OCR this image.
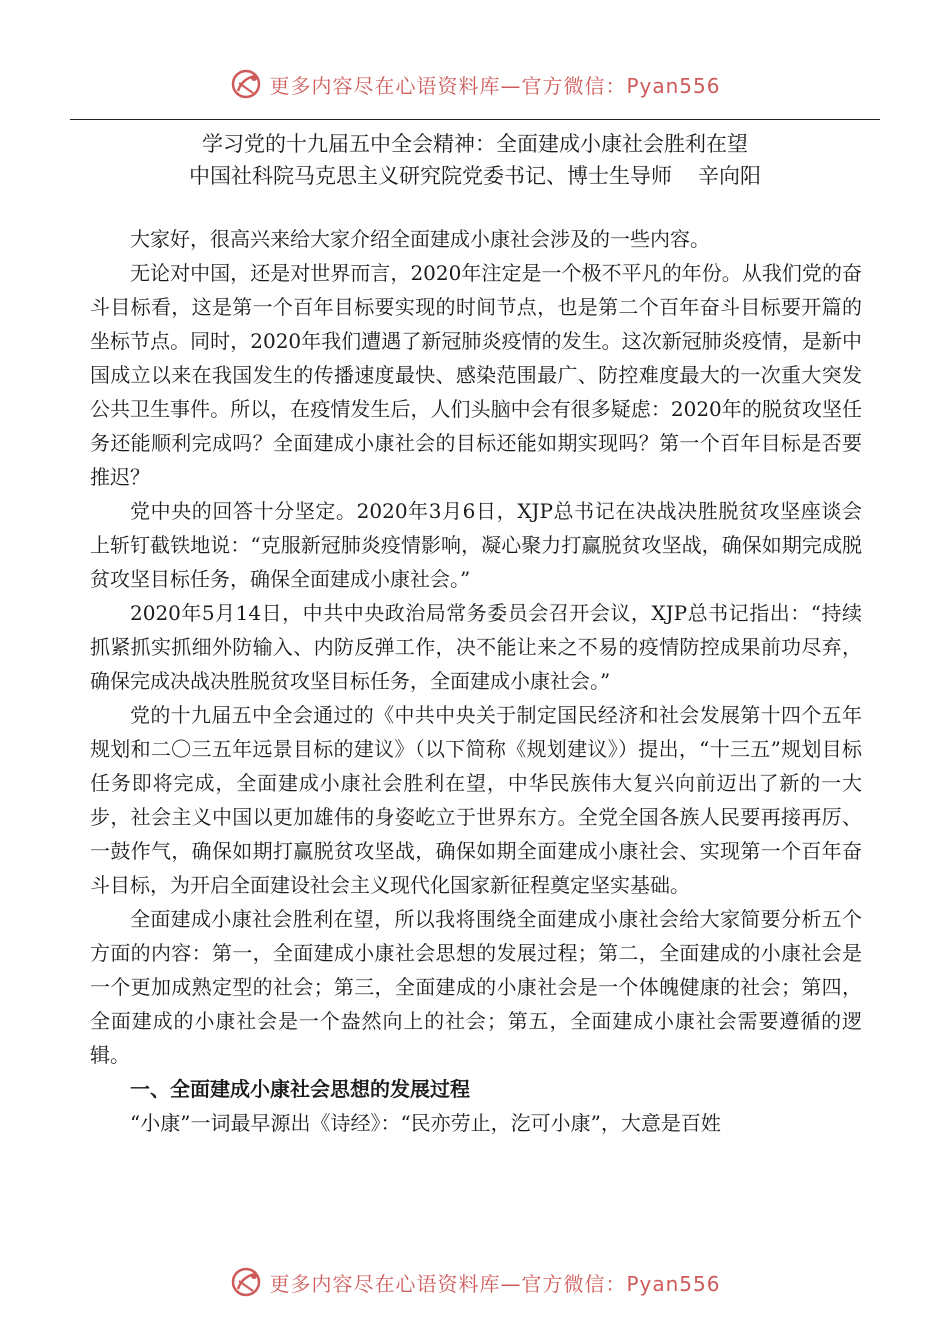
更多内容尽在心语资料库—官方微信：Pyan556
学习党的十九届五中全会精神：全面建成小康社会胜利在望
中国社科院马克思主义研究院党委书记、博士生导师 辛向阳

大家好，很高兴来给大家介绍全面建成小康社会涉及的一些内容。

无论对中国，还是对世界而言，2020年注定是一个极不平凡的年份。从我们党的奋斗目标看，这是第一个百年目标要实现的时间节点，也是第二个百年奋斗目标要开篇的坐标节点。同时，2020年我们遭遇了新冠肺炎疫情的发生。这次新冠肺炎疫情，是新中国成立以来在我国发生的传播速度最快、感染范围最广、防控难度最大的一次重大突发公共卫生事件。所以，在疫情发生后，人们头脑中会有很多疑虑：2020年的脱贫攻坚任务还能顺利完成吗？全面建成小康社会的目标还能如期实现吗？第一个百年目标是否要推迟？

党中央的回答十分坚定。2020年3月6日，XJP总书记在决战决胜脱贫攻坚座谈会上斩钉截铁地说：“克服新冠肺炎疫情影响，凝心聚力打赢脱贫攻坚战，确保如期完成脱贫攻坚目标任务，确保全面建成小康社会。”

2020年5月14日，中共中央政治局常务委员会召开会议，XJP总书记指出：“持续抓紧抓实抓细外防输入、内防反弹工作，决不能让来之不易的疫情防控成果前功尽弃，确保完成决战决胜脱贫攻坚目标任务，全面建成小康社会。”

党的十九届五中全会通过的《中共中央关于制定国民经济和社会发展第十四个五年规划和二〇三五年远景目标的建议》（以下简称《规划建议》）提出，“十三五”规划目标任务即将完成，全面建成小康社会胜利在望，中华民族伟大复兴向前迈出了新的一大步，社会主义中国以更加雄伟的身姿屹立于世界东方。全党全国各族人民要再接再厉、一鼓作气，确保如期打赢脱贫攻坚战，确保如期全面建成小康社会、实现第一个百年奋斗目标，为开启全面建设社会主义现代化国家新征程奠定坚实基础。

全面建成小康社会胜利在望，所以我将围绕全面建成小康社会给大家简要分析五个方面的内容：第一，全面建成小康社会思想的发展过程；第二，全面建成的小康社会是一个更加成熟定型的社会；第三，全面建成的小康社会是一个体魄健康的社会；第四，全面建成的小康社会是一个盎然向上的社会；第五，全面建成小康社会需要遵循的逻辑。

一、全面建成小康社会思想的发展过程

“小康”一词最早源出《诗经》：“民亦劳止，汔可小康”，大意是百姓

更多内容尽在心语资料库—官方微信：Pyan556
